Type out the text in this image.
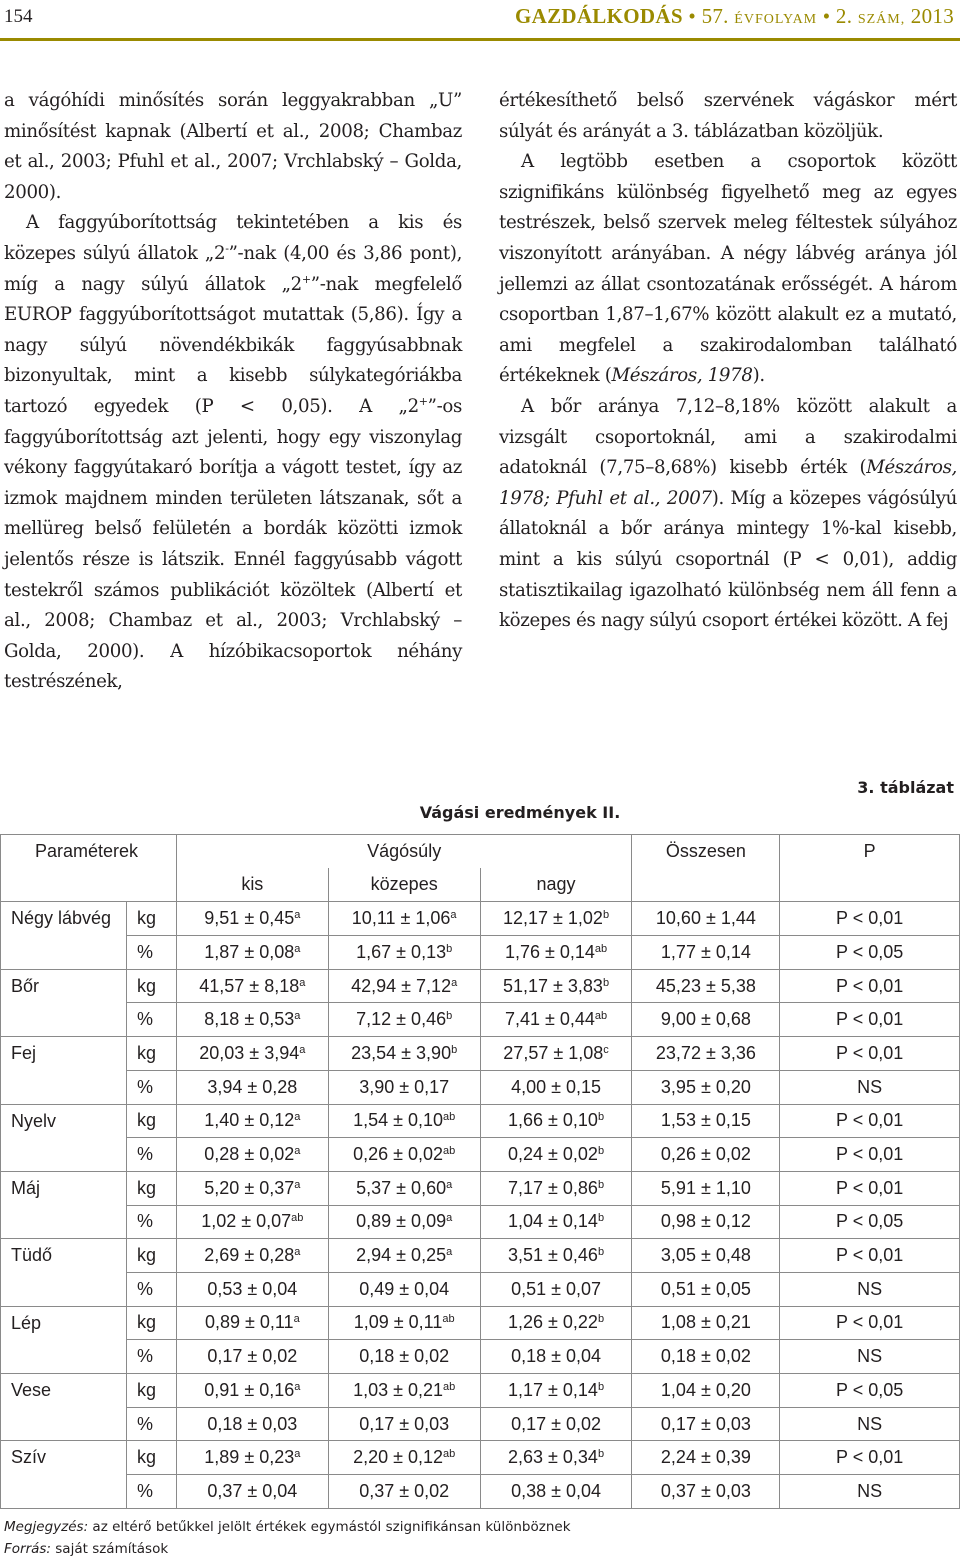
154	GAZDÁLKODÁS • 57. ÉVFOLYAM • 2. SZÁM, 2013

a vágóhídi minősítés során leggyakrabban „U” minősítést kapnak (Albertí et al., 2008; Chambaz et al., 2003; Pfuhl et al., 2007; Vrchlabský – Golda, 2000).

A faggyúborítottság tekintetében a kis és közepes súlyú állatok „2-”-nak (4,00 és 3,86 pont), míg a nagy súlyú állatok „2+”-nak megfelelő EUROP faggyúborítottságot mutattak (5,86). Így a nagy súlyú növendékbikák faggyúsabbnak bizonyultak, mint a kisebb súlykategóriákba tartozó egyedek (P < 0,05). A „2+”-os faggyúborítottság azt jelenti, hogy egy viszonylag vékony faggyútakaró borítja a vágott testet, így az izmok majdnem minden területen látszanak, sőt a mellüreg belső felületén a bordák közötti izmok jelentős része is látszik. Ennél faggyúsabb vágott testekről számos publikációt közöltek (Albertí et al., 2008; Chambaz et al., 2003; Vrchlabský – Golda, 2000). A hízóbikacsoportok néhány testrészének,

értékesíthető belső szervének vágáskor mért súlyát és arányát a 3. táblázatban közöljük.

A legtöbb esetben a csoportok között szignifikáns különbség figyelhető meg az egyes testrészek, belső szervek meleg féltestek súlyához viszonyított arányában. A négy lábvég aránya jól jellemzi az állat csontozatának erősségét. A három csoportban 1,87–1,67% között alakult ez a mutató, ami megfelel a szakirodalomban található értékeknek (Mészáros, 1978).

A bőr aránya 7,12–8,18% között alakult a vizsgált csoportoknál, ami a szakirodalmi adatoknál (7,75–8,68%) kisebb érték (Mészáros, 1978; Pfuhl et al., 2007). Míg a közepes vágósúlyú állatoknál a bőr aránya mintegy 1%-kal kisebb, mint a kis súlyú csoportnál (P < 0,01), addig statisztikailag igazolható különbség nem áll fenn a közepes és nagy súlyú csoport értékei között. A fej

3. táblázat
Vágási eredmények II.
Paraméterek		Vágósúly			Összesen	P
		kis	közepes	nagy		
Négy lábvég	kg	9,51 ± 0,45$^a$	10,11 ± 1,06$^a$	12,17 ± 1,02$^b$	10,60 ± 1,44	P < 0,01
	%	1,87 ± 0,08$^a$	1,67 ± 0,13$^b$	1,76 ± 0,14$^{ab}$	1,77 ± 0,14	P < 0,05
Bőr	kg	41,57 ± 8,18$^a$	42,94 ± 7,12$^a$	51,17 ± 3,83$^b$	45,23 ± 5,38	P < 0,01
	%	8,18 ± 0,53$^a$	7,12 ± 0,46$^b$	7,41 ± 0,44$^{ab}$	9,00 ± 0,68	P < 0,01
Fej	kg	20,03 ± 3,94$^a$	23,54 ± 3,90$^b$	27,57 ± 1,08$^c$	23,72 ± 3,36	P < 0,01
	%	3,94 ± 0,28	3,90 ± 0,17	4,00 ± 0,15	3,95 ± 0,20	NS
Nyelv	kg	1,40 ± 0,12$^a$	1,54 ± 0,10$^{ab}$	1,66 ± 0,10$^b$	1,53 ± 0,15	P < 0,01
	%	0,28 ± 0,02$^a$	0,26 ± 0,02$^{ab}$	0,24 ± 0,02$^b$	0,26 ± 0,02	P < 0,01
Máj	kg	5,20 ± 0,37$^a$	5,37 ± 0,60$^a$	7,17 ± 0,86$^b$	5,91 ± 1,10	P < 0,01
	%	1,02 ± 0,07$^{ab}$	0,89 ± 0,09$^a$	1,04 ± 0,14$^b$	0,98 ± 0,12	P < 0,05
Tüdő	kg	2,69 ± 0,28$^a$	2,94 ± 0,25$^a$	3,51 ± 0,46$^b$	3,05 ± 0,48	P < 0,01
	%	0,53 ± 0,04	0,49 ± 0,04	0,51 ± 0,07	0,51 ± 0,05	NS
Lép	kg	0,89 ± 0,11$^a$	1,09 ± 0,11$^{ab}$	1,26 ± 0,22$^b$	1,08 ± 0,21	P < 0,01
	%	0,17 ± 0,02	0,18 ± 0,02	0,18 ± 0,04	0,18 ± 0,02	NS
Vese	kg	0,91 ± 0,16$^a$	1,03 ± 0,21$^{ab}$	1,17 ± 0,14$^b$	1,04 ± 0,20	P < 0,05
	%	0,18 ± 0,03	0,17 ± 0,03	0,17 ± 0,02	0,17 ± 0,03	NS
Szív	kg	1,89 ± 0,23$^a$	2,20 ± 0,12$^{ab}$	2,63 ± 0,34$^b$	2,24 ± 0,39	P < 0,01
	%	0,37 ± 0,04	0,37 ± 0,02	0,38 ± 0,04	0,37 ± 0,03	NS
Megjegyzés: az eltérő betűkkel jelölt értékek egymástól szignifikánsan különböznek
Forrás: saját számítások
